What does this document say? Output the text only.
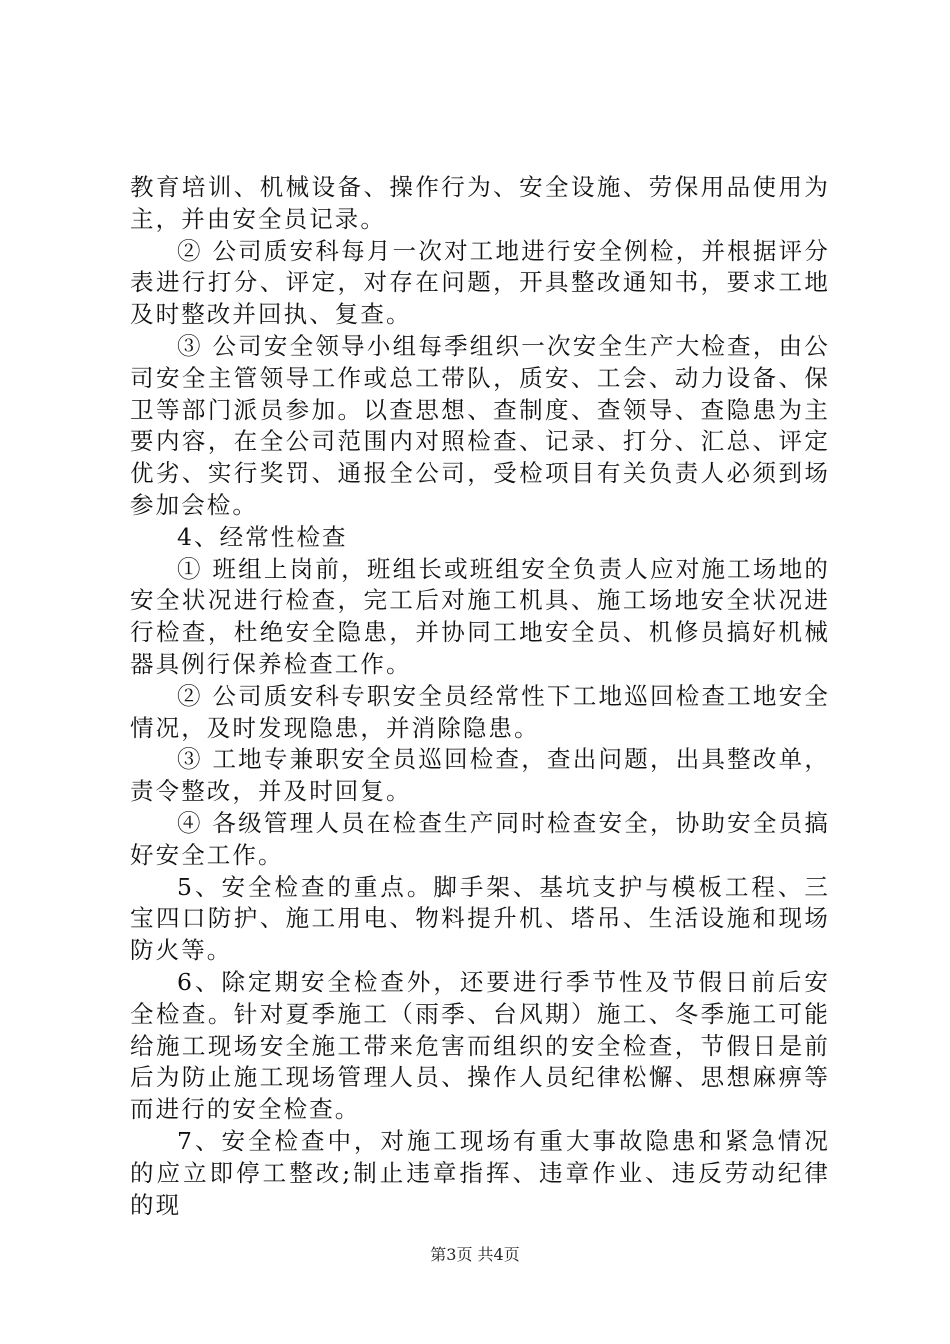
教育培训、机械设备、操作行为、安全设施、劳保用品使用为主，并由安全员记录。

② 公司质安科每月一次对工地进行安全例检，并根据评分表进行打分、评定，对存在问题，开具整改通知书，要求工地及时整改并回执、复查。

③ 公司安全领导小组每季组织一次安全生产大检查，由公司安全主管领导工作或总工带队，质安、工会、动力设备、保卫等部门派员参加。以查思想、查制度、查领导、查隐患为主要内容，在全公司范围内对照检查、记录、打分、汇总、评定优劣、实行奖罚、通报全公司，受检项目有关负责人必须到场参加会检。

4、经常性检查

① 班组上岗前，班组长或班组安全负责人应对施工场地的安全状况进行检查，完工后对施工机具、施工场地安全状况进行检查，杜绝安全隐患，并协同工地安全员、机修员搞好机械器具例行保养检查工作。

② 公司质安科专职安全员经常性下工地巡回检查工地安全情况，及时发现隐患，并消除隐患。

③ 工地专兼职安全员巡回检查，查出问题，出具整改单，责令整改，并及时回复。

④ 各级管理人员在检查生产同时检查安全，协助安全员搞好安全工作。

5、安全检查的重点。脚手架、基坑支护与模板工程、三宝四口防护、施工用电、物料提升机、塔吊、生活设施和现场防火等。

6、除定期安全检查外，还要进行季节性及节假日前后安全检查。针对夏季施工（雨季、台风期）施工、冬季施工可能给施工现场安全施工带来危害而组织的安全检查，节假日是前后为防止施工现场管理人员、操作人员纪律松懈、思想麻痹等而进行的安全检查。

7、安全检查中，对施工现场有重大事故隐患和紧急情况的应立即停工整改;制止违章指挥、违章作业、违反劳动纪律的现

第3页 共4页
